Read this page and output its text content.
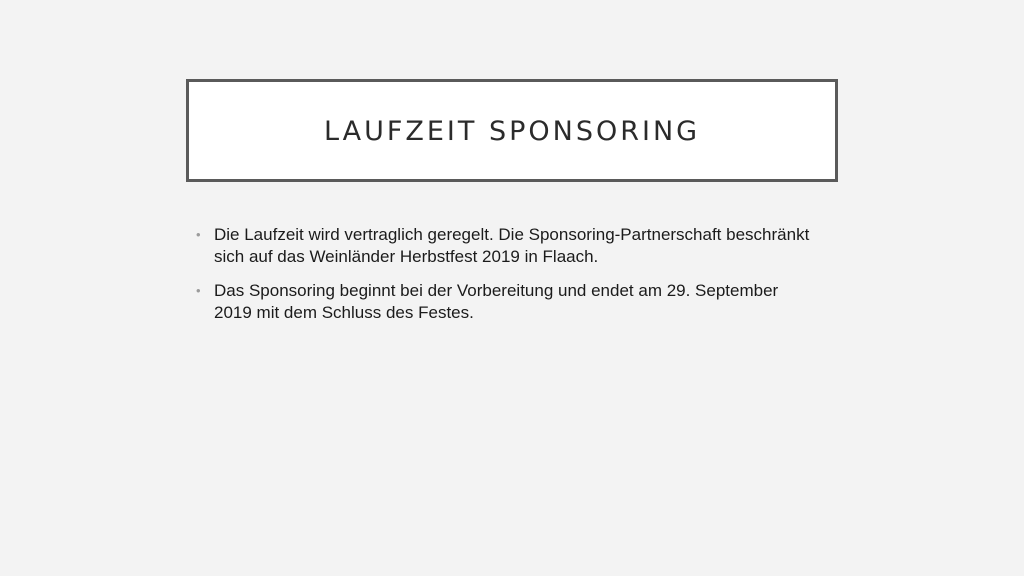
LAUFZEIT SPONSORING
• Die Laufzeit wird vertraglich geregelt. Die Sponsoring-Partnerschaft beschränkt sich auf das Weinländer Herbstfest 2019 in Flaach.
• Das Sponsoring beginnt bei der Vorbereitung und endet am 29. September 2019 mit dem Schluss des Festes.
